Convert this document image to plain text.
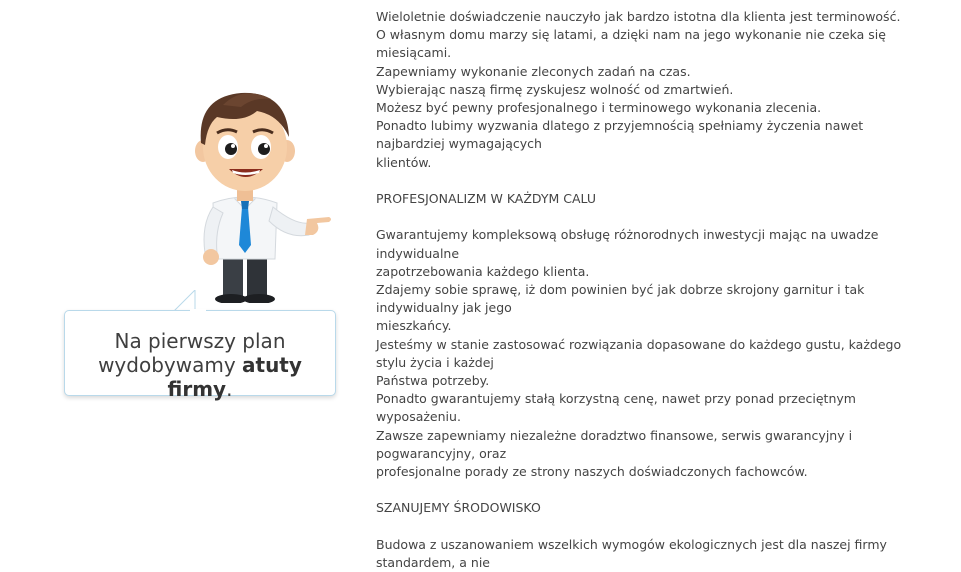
Na pierwszy plan
wydobywamy atuty firmy.

Wieloletnie doświadczenie nauczyło jak bardzo istotna dla klienta jest terminowość.

O własnym domu marzy się latami, a dzięki nam na jego wykonanie nie czeka się miesiącami.

Zapewniamy wykonanie zleconych zadań na czas.

Wybierając naszą firmę zyskujesz wolność od zmartwień.

Możesz być pewny profesjonalnego i terminowego wykonania zlecenia.

Ponadto lubimy wyzwania dlatego z przyjemnością spełniamy życzenia nawet najbardziej wymagających

klientów.

PROFESJONALIZM W KAŻDYM CALU

Gwarantujemy kompleksową obsługę różnorodnych inwestycji mając na uwadze indywidualne

zapotrzebowania każdego klienta.

Zdajemy sobie sprawę, iż dom powinien być jak dobrze skrojony garnitur i tak indywidualny jak jego

mieszkańcy.

Jesteśmy w stanie zastosować rozwiązania dopasowane do każdego gustu, każdego stylu życia i każdej

Państwa potrzeby.

Ponadto gwarantujemy stałą korzystną cenę, nawet przy ponad przeciętnym wyposażeniu.

Zawsze zapewniamy niezależne doradztwo finansowe, serwis gwarancyjny i pogwarancyjny, oraz

profesjonalne porady ze strony naszych doświadczonych fachowców.

SZANUJEMY ŚRODOWISKO

Budowa z uszanowaniem wszelkich wymogów ekologicznych jest dla naszej firmy standardem, a nie
